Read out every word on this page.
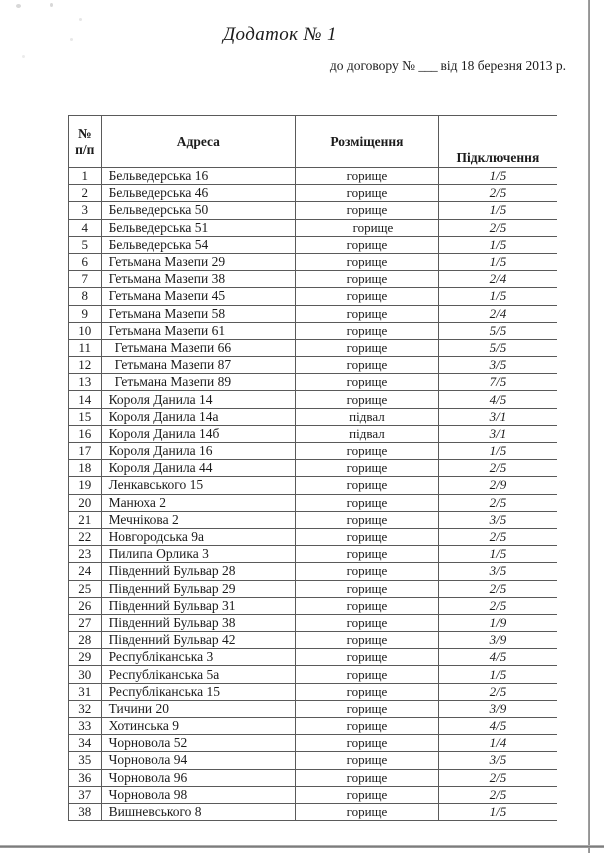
Додаток № 1
до договору № ___ від 18 березня 2013 р.
№
п/п	Адреса	Розміщення	Підключення
1	Бельведерська 16	горище	1/5
2	Бельведерська 46	горище	2/5
3	Бельведерська 50	горище	1/5
4	Бельведерська 51	горище	2/5
5	Бельведерська 54	горище	1/5
6	Гетьмана Мазепи 29	горище	1/5
7	Гетьмана Мазепи 38	горище	2/4
8	Гетьмана Мазепи 45	горище	1/5
9	Гетьмана Мазепи 58	горище	2/4
10	Гетьмана Мазепи 61	горище	5/5
11	Гетьмана Мазепи 66	горище	5/5
12	Гетьмана Мазепи 87	горище	3/5
13	Гетьмана Мазепи 89	горище	7/5
14	Короля Данила 14	горище	4/5
15	Короля Данила 14а	підвал	3/1
16	Короля Данила 14б	підвал	3/1
17	Короля Данила 16	горище	1/5
18	Короля Данила 44	горище	2/5
19	Ленкавського 15	горище	2/9
20	Манюха 2	горище	2/5
21	Мечнікова 2	горище	3/5
22	Новгородська 9а	горище	2/5
23	Пилипа Орлика 3	горище	1/5
24	Південний Бульвар 28	горище	3/5
25	Південний Бульвар 29	горище	2/5
26	Південний Бульвар 31	горище	2/5
27	Південний Бульвар 38	горище	1/9
28	Південний Бульвар 42	горище	3/9
29	Республіканська 3	горище	4/5
30	Республіканська 5а	горище	1/5
31	Республіканська 15	горище	2/5
32	Тичини 20	горище	3/9
33	Хотинська 9	горище	4/5
34	Чорновола 52	горище	1/4
35	Чорновола 94	горище	3/5
36	Чорновола 96	горище	2/5
37	Чорновола 98	горище	2/5
38	Вишневського 8	горище	1/5
